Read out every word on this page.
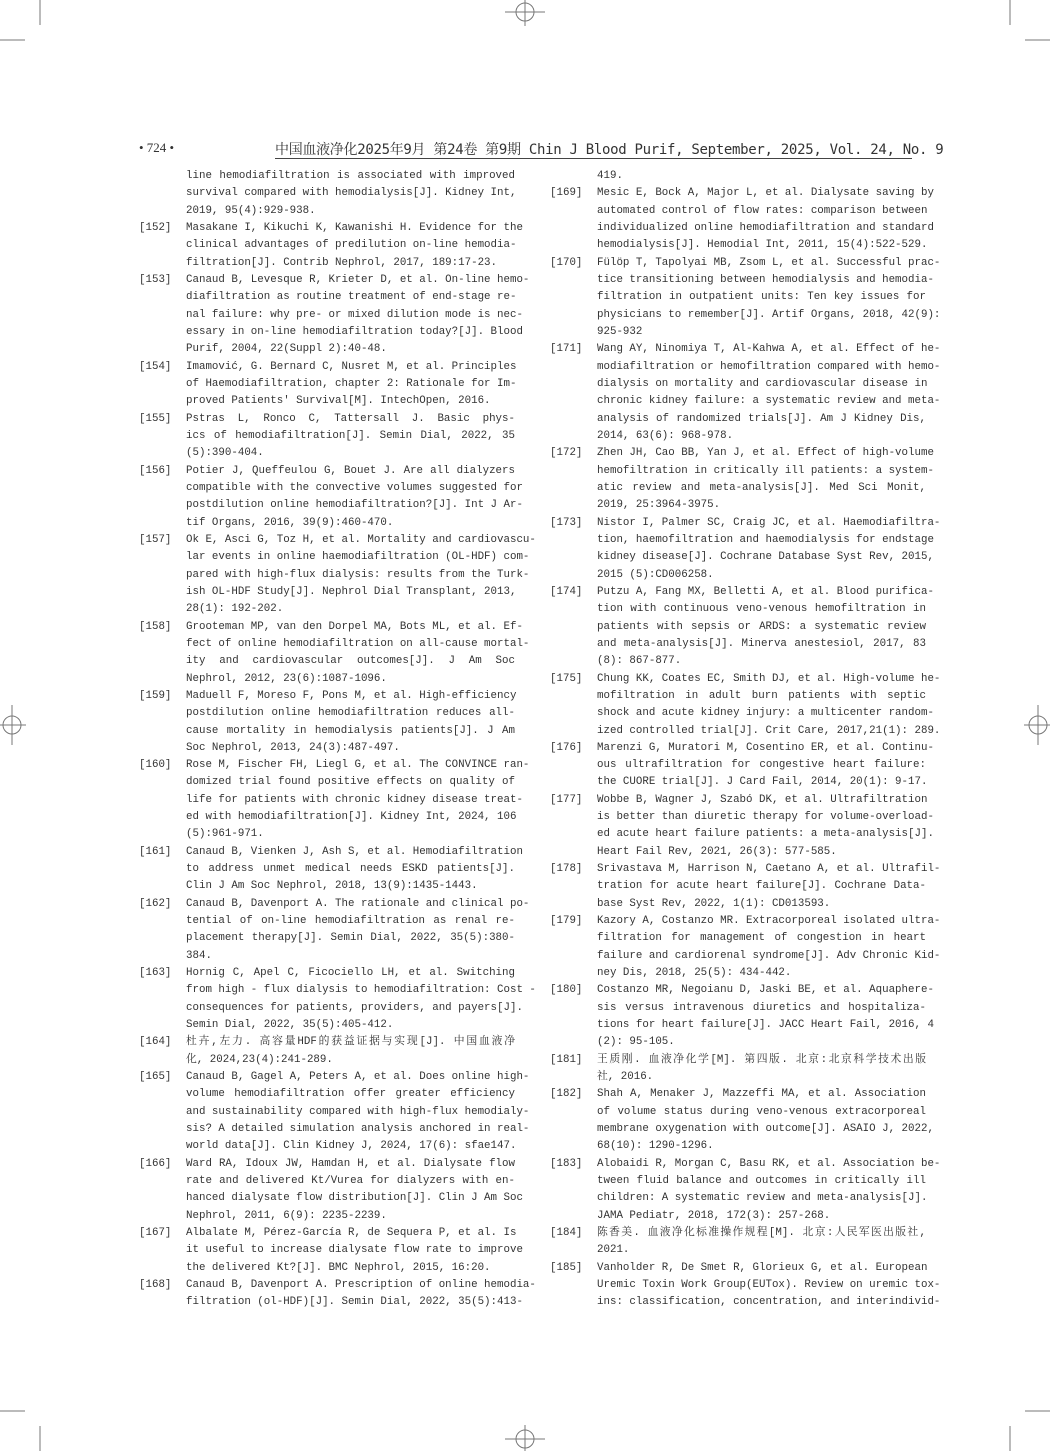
• 724 •	中国血液净化2025年9月 第24卷 第9期 Chin J Blood Purif, September, 2025, Vol. 24, No. 9
line hemodiafiltration is associated with improved
survival compared with hemodialysis[J]. Kidney Int,
2019, 95(4):929-938.
[152] Masakane I, Kikuchi K, Kawanishi H. Evidence for the
clinical advantages of predilution on-line hemodia-
filtration[J]. Contrib Nephrol, 2017, 189:17-23.
[153] Canaud B, Levesque R, Krieter D, et al. On-line hemo-
diafiltration as routine treatment of end-stage re-
nal failure: why pre- or mixed dilution mode is nec-
essary in on-line hemodiafiltration today?[J]. Blood
Purif, 2004, 22(Suppl 2):40-48.
[154] Imamović, G. Bernard C, Nusret M, et al. Principles
of Haemodiafiltration, chapter 2: Rationale for Im-
proved Patients' Survival[M]. IntechOpen, 2016.
[155] Pstras L, Ronco C, Tattersall J. Basic phys-
ics of hemodiafiltration[J]. Semin Dial, 2022, 35
(5):390-404.
[156] Potier J, Queffeulou G, Bouet J. Are all dialyzers
compatible with the convective volumes suggested for
postdilution online hemodiafiltration?[J]. Int J Ar-
tif Organs, 2016, 39(9):460-470.
[157] Ok E, Asci G, Toz H, et al. Mortality and cardiovascu-
lar events in online haemodiafiltration (OL-HDF) com-
pared with high-flux dialysis: results from the Turk-
ish OL-HDF Study[J]. Nephrol Dial Transplant, 2013,
28(1): 192-202.
[158] Grooteman MP, van den Dorpel MA, Bots ML, et al. Ef-
fect of online hemodiafiltration on all-cause mortal-
ity and cardiovascular outcomes[J]. J Am Soc
Nephrol, 2012, 23(6):1087-1096.
[159] Maduell F, Moreso F, Pons M, et al. High-efficiency
postdilution online hemodiafiltration reduces all-
cause mortality in hemodialysis patients[J]. J Am
Soc Nephrol, 2013, 24(3):487-497.
[160] Rose M, Fischer FH, Liegl G, et al. The CONVINCE ran-
domized trial found positive effects on quality of
life for patients with chronic kidney disease treat-
ed with hemodiafiltration[J]. Kidney Int, 2024, 106
(5):961-971.
[161] Canaud B, Vienken J, Ash S, et al. Hemodiafiltration
to address unmet medical needs ESKD patients[J].
Clin J Am Soc Nephrol, 2018, 13(9):1435-1443.
[162] Canaud B, Davenport A. The rationale and clinical po-
tential of on-line hemodiafiltration as renal re-
placement therapy[J]. Semin Dial, 2022, 35(5):380-
384.
[163] Hornig C, Apel C, Ficociello LH, et al. Switching
from high - flux dialysis to hemodiafiltration: Cost -
consequences for patients, providers, and payers[J].
Semin Dial, 2022, 35(5):405-412.
[164] 杜卉,左力. 高容量HDF的获益证据与实现[J]. 中国血液净
化, 2024,23(4):241-289.
[165] Canaud B, Gagel A, Peters A, et al. Does online high-
volume hemodiafiltration offer greater efficiency
and sustainability compared with high-flux hemodialy-
sis? A detailed simulation analysis anchored in real-
world data[J]. Clin Kidney J, 2024, 17(6): sfae147.
[166] Ward RA, Idoux JW, Hamdan H, et al. Dialysate flow
rate and delivered Kt/Vurea for dialyzers with en-
hanced dialysate flow distribution[J]. Clin J Am Soc
Nephrol, 2011, 6(9): 2235-2239.
[167] Albalate M, Pérez-García R, de Sequera P, et al. Is
it useful to increase dialysate flow rate to improve
the delivered Kt?[J]. BMC Nephrol, 2015, 16:20.
[168] Canaud B, Davenport A. Prescription of online hemodia-
filtration (ol-HDF)[J]. Semin Dial, 2022, 35(5):413-
419.
[169] Mesic E, Bock A, Major L, et al. Dialysate saving by
automated control of flow rates: comparison between
individualized online hemodiafiltration and standard
hemodialysis[J]. Hemodial Int, 2011, 15(4):522-529.
[170] Fülöp T, Tapolyai MB, Zsom L, et al. Successful prac-
tice transitioning between hemodialysis and hemodia-
filtration in outpatient units: Ten key issues for
physicians to remember[J]. Artif Organs, 2018, 42(9):
925-932
[171] Wang AY, Ninomiya T, Al-Kahwa A, et al. Effect of he-
modiafiltration or hemofiltration compared with hemo-
dialysis on mortality and cardiovascular disease in
chronic kidney failure: a systematic review and meta-
analysis of randomized trials[J]. Am J Kidney Dis,
2014, 63(6): 968-978.
[172] Zhen JH, Cao BB, Yan J, et al. Effect of high-volume
hemofiltration in critically ill patients: a system-
atic review and meta-analysis[J]. Med Sci Monit,
2019, 25:3964-3975.
[173] Nistor I, Palmer SC, Craig JC, et al. Haemodiafiltra-
tion, haemofiltration and haemodialysis for endstage
kidney disease[J]. Cochrane Database Syst Rev, 2015,
2015 (5):CD006258.
[174] Putzu A, Fang MX, Belletti A, et al. Blood purifica-
tion with continuous veno-venous hemofiltration in
patients with sepsis or ARDS: a systematic review
and meta-analysis[J]. Minerva anestesiol, 2017, 83
(8): 867-877.
[175] Chung KK, Coates EC, Smith DJ, et al. High-volume he-
mofiltration in adult burn patients with septic
shock and acute kidney injury: a multicenter random-
ized controlled trial[J]. Crit Care, 2017,21(1): 289.
[176] Marenzi G, Muratori M, Cosentino ER, et al. Continu-
ous ultrafiltration for congestive heart failure:
the CUORE trial[J]. J Card Fail, 2014, 20(1): 9-17.
[177] Wobbe B, Wagner J, Szabó DK, et al. Ultrafiltration
is better than diuretic therapy for volume-overload-
ed acute heart failure patients: a meta-analysis[J].
Heart Fail Rev, 2021, 26(3): 577-585.
[178] Srivastava M, Harrison N, Caetano A, et al. Ultrafil-
tration for acute heart failure[J]. Cochrane Data-
base Syst Rev, 2022, 1(1): CD013593.
[179] Kazory A, Costanzo MR. Extracorporeal isolated ultra-
filtration for management of congestion in heart
failure and cardiorenal syndrome[J]. Adv Chronic Kid-
ney Dis, 2018, 25(5): 434-442.
[180] Costanzo MR, Negoianu D, Jaski BE, et al. Aquaphere-
sis versus intravenous diuretics and hospitaliza-
tions for heart failure[J]. JACC Heart Fail, 2016, 4
(2): 95-105.
[181] 王质刚. 血液净化学[M]. 第四版. 北京:北京科学技术出版
社, 2016.
[182] Shah A, Menaker J, Mazzeffi MA, et al. Association
of volume status during veno-venous extracorporeal
membrane oxygenation with outcome[J]. ASAIO J, 2022,
68(10): 1290-1296.
[183] Alobaidi R, Morgan C, Basu RK, et al. Association be-
tween fluid balance and outcomes in critically ill
children: A systematic review and meta-analysis[J].
JAMA Pediatr, 2018, 172(3): 257-268.
[184] 陈香美. 血液净化标准操作规程[M]. 北京:人民军医出版社,
2021.
[185] Vanholder R, De Smet R, Glorieux G, et al. European
Uremic Toxin Work Group(EUTox). Review on uremic tox-
ins: classification, concentration, and interindivid-
